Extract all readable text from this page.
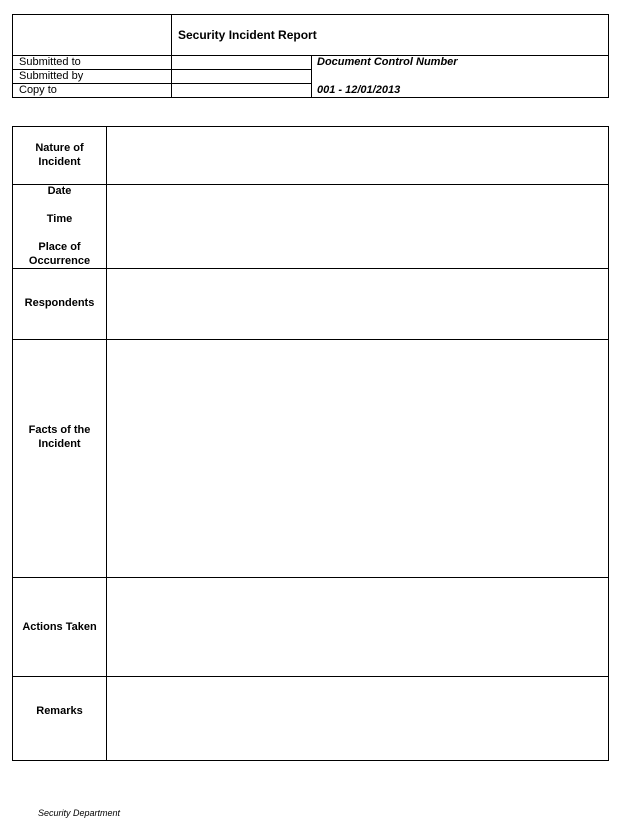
Security Incident Report
Submitted to
Submitted by
Copy to
Document Control Number
001 - 12/01/2013
Nature of
Incident
Date
Time
Place of
Occurrence
Respondents
Facts of the
Incident
Actions Taken
Remarks
Security Department
